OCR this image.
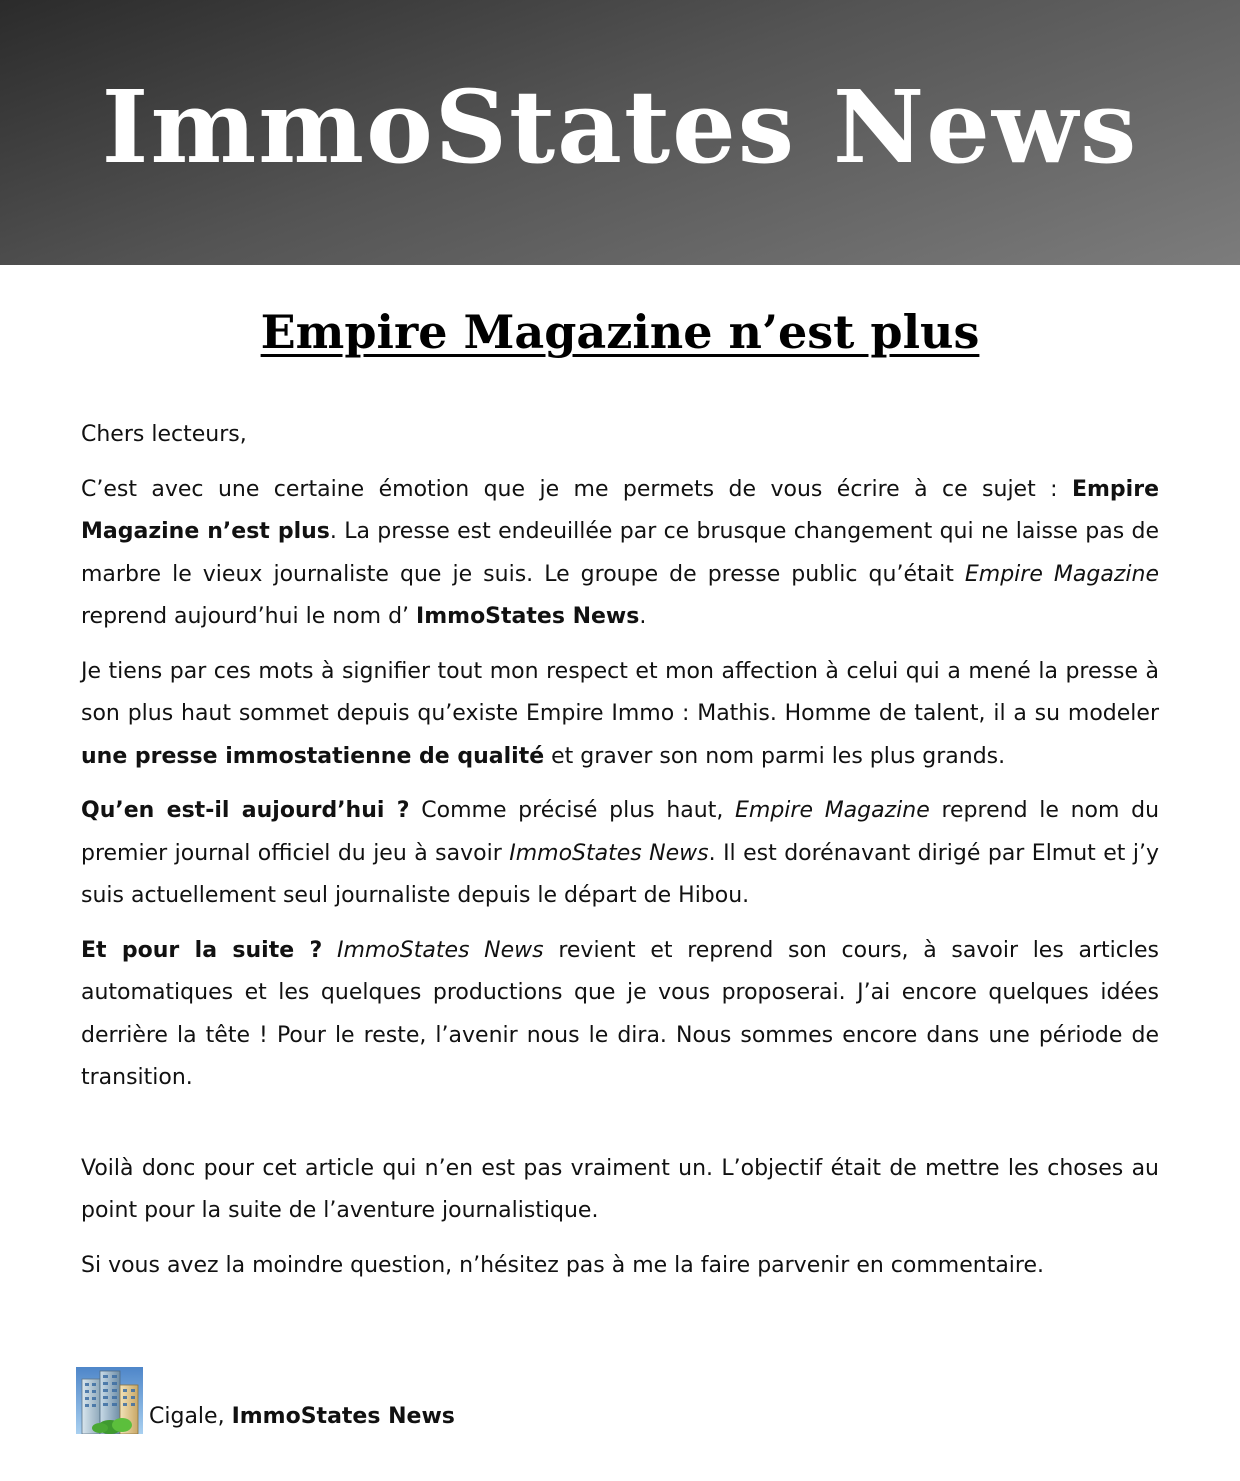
ImmoStates News
Empire Magazine n’est plus

Chers lecteurs,

C’est avec une certaine émotion que je me permets de vous écrire à ce sujet : Empire Magazine n’est plus. La presse est endeuillée par ce brusque changement qui ne laisse pas de marbre le vieux journaliste que je suis. Le groupe de presse public qu’était Empire Magazine reprend aujourd’hui le nom d’ ImmoStates News.

Je tiens par ces mots à signifier tout mon respect et mon affection à celui qui a mené la presse à son plus haut sommet depuis qu’existe Empire Immo : Mathis. Homme de talent, il a su modeler une presse immostatienne de qualité et graver son nom parmi les plus grands.

Qu’en est-il aujourd’hui ? Comme précisé plus haut, Empire Magazine reprend le nom du premier journal officiel du jeu à savoir ImmoStates News. Il est dorénavant dirigé par Elmut et j’y suis actuellement seul journaliste depuis le départ de Hibou.

Et pour la suite ? ImmoStates News revient et reprend son cours, à savoir les articles automatiques et les quelques productions que je vous proposerai. J’ai encore quelques idées derrière la tête ! Pour le reste, l’avenir nous le dira. Nous sommes encore dans une période de transition.

Voilà donc pour cet article qui n’en est pas vraiment un. L’objectif était de mettre les choses au point pour la suite de l’aventure journalistique.

Si vous avez la moindre question, n’hésitez pas à me la faire parvenir en commentaire.

Cigale, ImmoStates News
